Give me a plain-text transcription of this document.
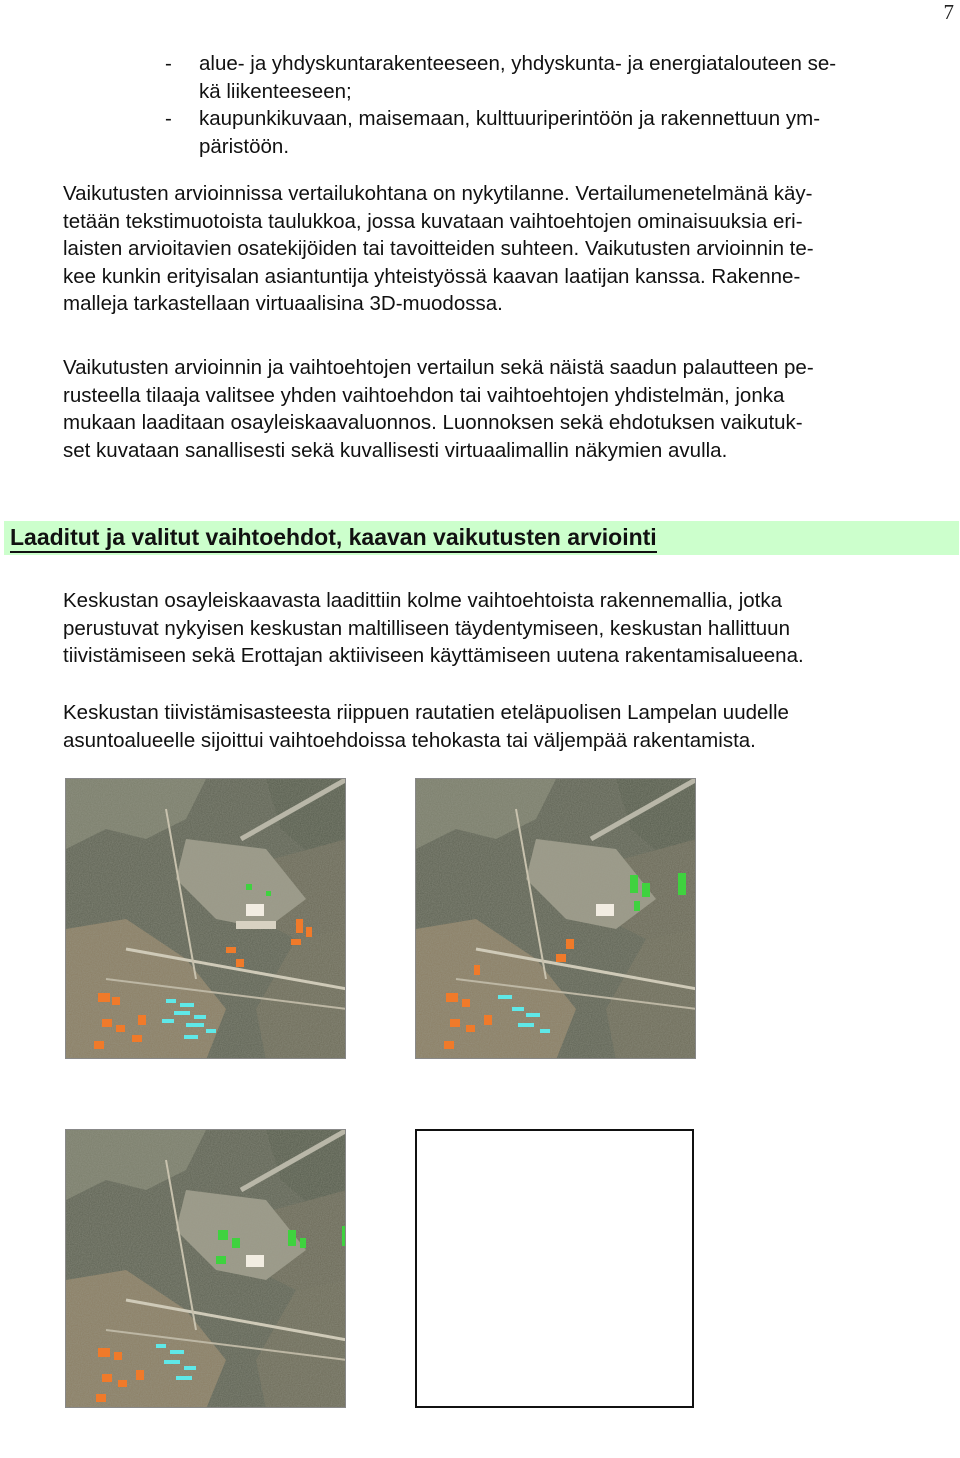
7
-	alue- ja yhdyskuntarakenteeseen, yhdyskunta- ja energiatalouteen se-
kä liikenteeseen;
-	kaupunkikuvaan, maisemaan, kulttuuriperintöön ja rakennettuun ym-
päristöön.
Vaikutusten arvioinnissa vertailukohtana on nykytilanne. Vertailumenetelmänä käy-
tetään tekstimuotoista taulukkoa, jossa kuvataan vaihtoehtojen ominaisuuksia eri-
laisten arvioitavien osatekijöiden tai tavoitteiden suhteen. Vaikutusten arvioinnin te-
kee kunkin erityisalan asiantuntija yhteistyössä kaavan laatijan kanssa. Rakenne-
malleja tarkastellaan virtuaalisina 3D-muodossa.
Vaikutusten arvioinnin ja vaihtoehtojen vertailun sekä näistä saadun palautteen pe-
rusteella tilaaja valitsee yhden vaihtoehdon tai vaihtoehtojen yhdistelmän, jonka
mukaan laaditaan osayleiskaavaluonnos. Luonnoksen sekä ehdotuksen vaikutuk-
set kuvataan sanallisesti sekä kuvallisesti virtuaalimallin näkymien avulla.
Laaditut ja valitut vaihtoehdot, kaavan vaikutusten arviointi
Keskustan osayleiskaavasta laadittiin kolme vaihtoehtoista rakennemallia, jotka
perustuvat nykyisen keskustan maltilliseen täydentymiseen, keskustan hallittuun
tiivistämiseen sekä Erottajan aktiiviseen käyttämiseen uutena rakentamisalueena.
Keskustan tiivistämisasteesta riippuen rautatien eteläpuolisen Lampelan uudelle
asuntoalueelle sijoittui vaihtoehdoissa tehokasta tai väljempää rakentamista.
